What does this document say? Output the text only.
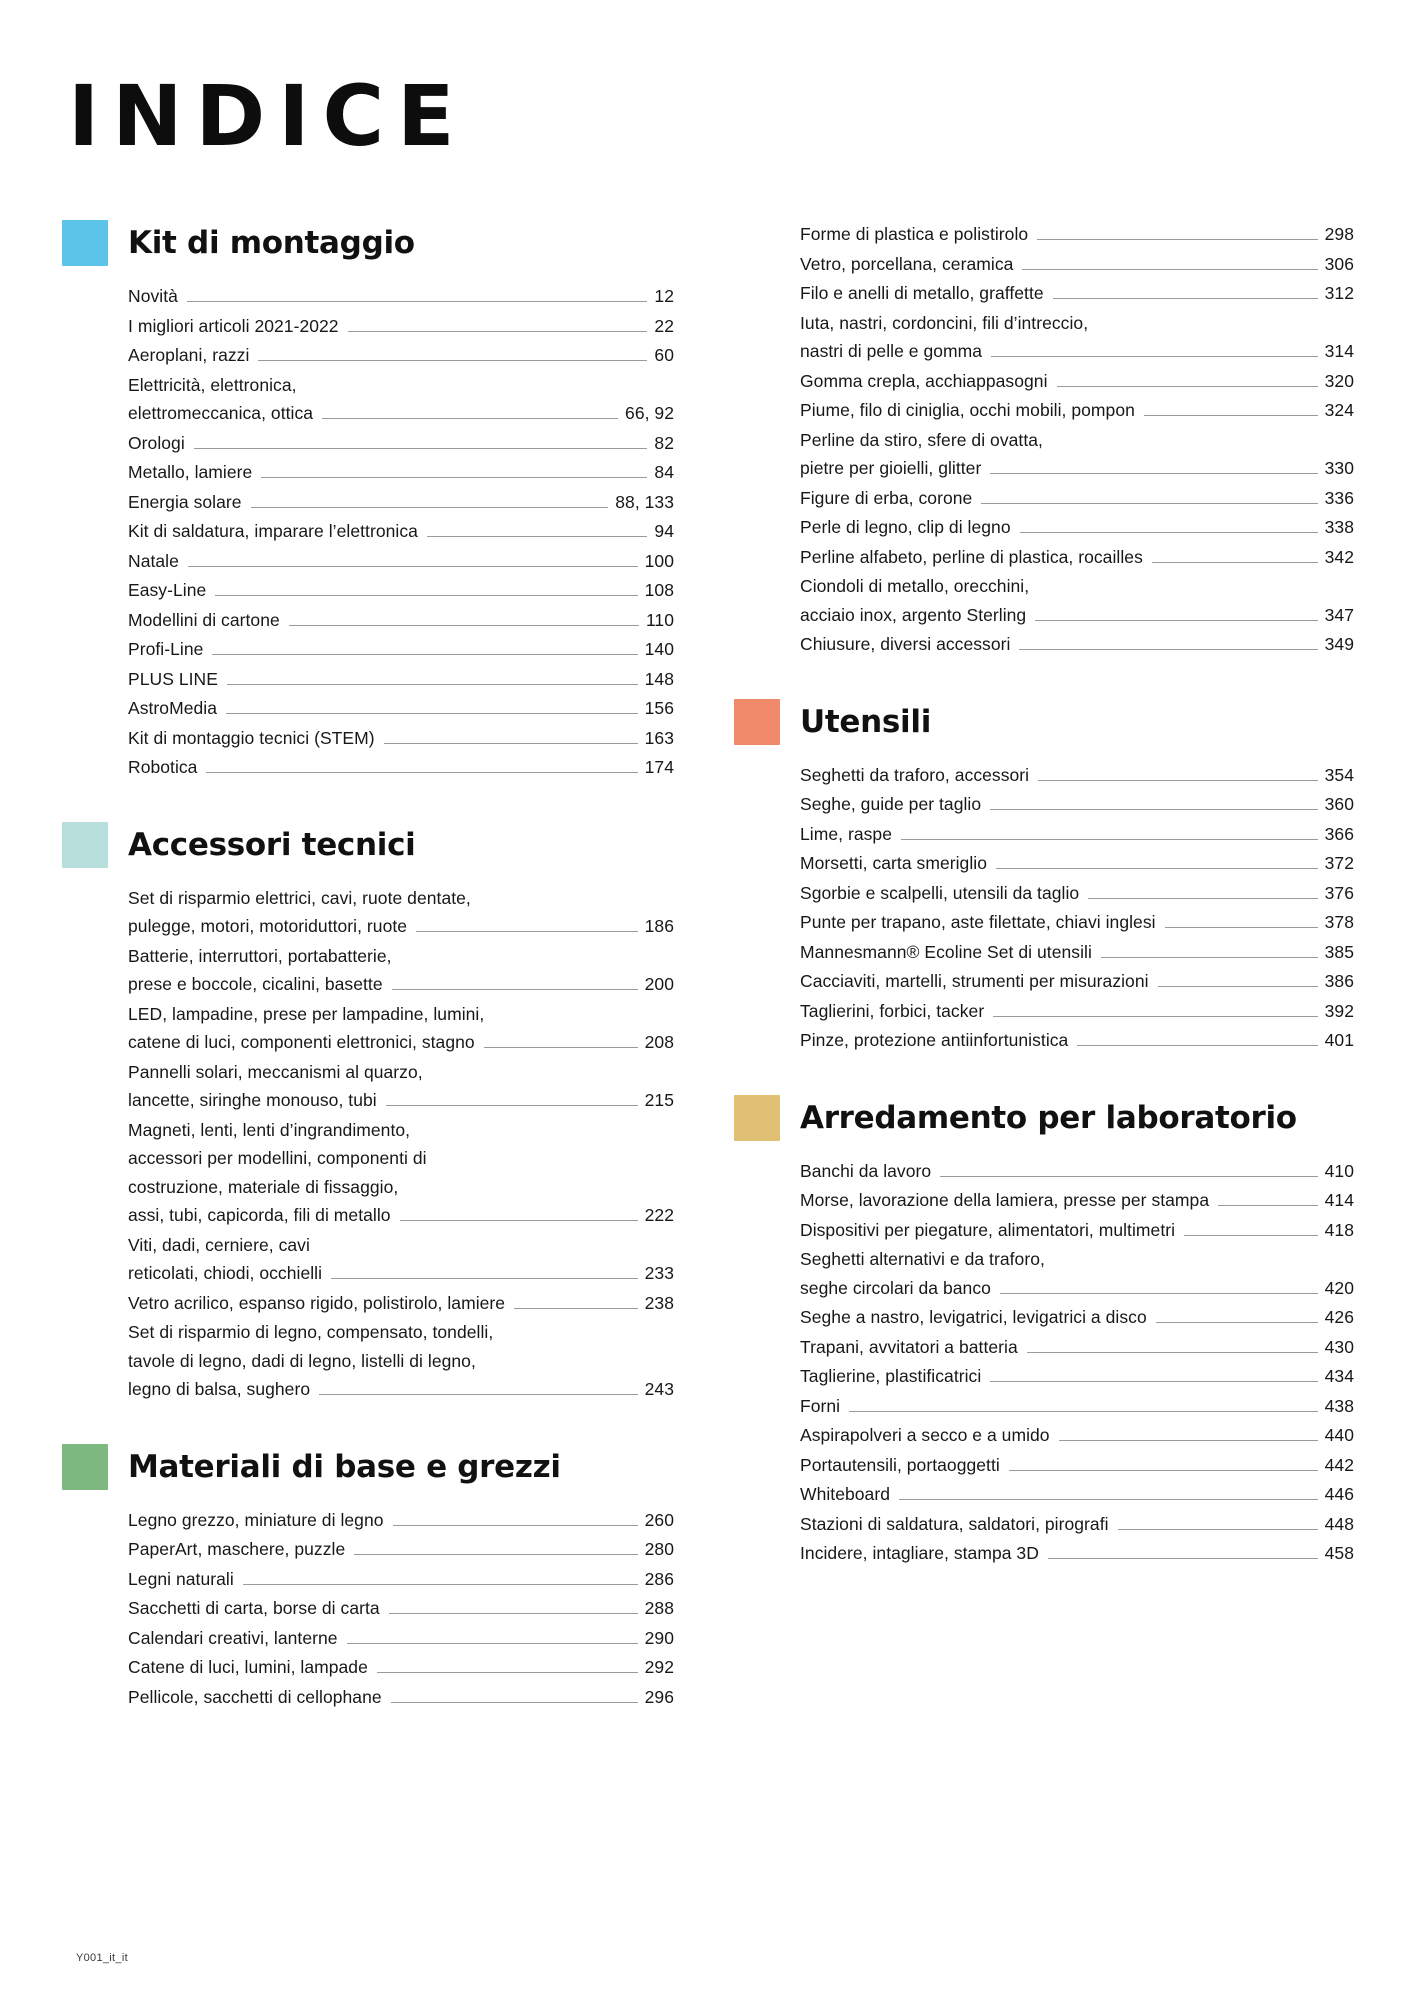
INDICE
Kit di montaggio
Novità	12
I migliori articoli 2021-2022	22
Aeroplani, razzi	60
Elettricità, elettronica,
elettromeccanica, ottica	66, 92
Orologi	82
Metallo, lamiere	84
Energia solare	88, 133
Kit di saldatura, imparare l’elettronica	94
Natale	100
Easy-Line	108
Modellini di cartone	110
Profi-Line	140
PLUS LINE	148
AstroMedia	156
Kit di montaggio tecnici (STEM)	163
Robotica	174
Accessori tecnici
Set di risparmio elettrici, cavi, ruote dentate,
pulegge, motori, motoriduttori, ruote	186
Batterie, interruttori, portabatterie,
prese e boccole, cicalini, basette	200
LED, lampadine, prese per lampadine, lumini,
catene di luci, componenti elettronici, stagno	208
Pannelli solari, meccanismi al quarzo,
lancette, siringhe monouso, tubi	215
Magneti, lenti, lenti d’ingrandimento,
accessori per modellini, componenti di
costruzione, materiale di fissaggio,
assi, tubi, capicorda, fili di metallo	222
Viti, dadi, cerniere, cavi
reticolati, chiodi, occhielli	233
Vetro acrilico, espanso rigido, polistirolo, lamiere	238
Set di risparmio di legno, compensato, tondelli,
tavole di legno, dadi di legno, listelli di legno,
legno di balsa, sughero	243
Materiali di base e grezzi
Legno grezzo, miniature di legno	260
PaperArt, maschere, puzzle	280
Legni naturali	286
Sacchetti di carta, borse di carta	288
Calendari creativi, lanterne	290
Catene di luci, lumini, lampade	292
Pellicole, sacchetti di cellophane	296
Forme di plastica e polistirolo	298
Vetro, porcellana, ceramica	306
Filo e anelli di metallo, graffette	312
Iuta, nastri, cordoncini, fili d’intreccio,
nastri di pelle e gomma	314
Gomma crepla, acchiappasogni	320
Piume, filo di ciniglia, occhi mobili, pompon	324
Perline da stiro, sfere di ovatta,
pietre per gioielli, glitter	330
Figure di erba, corone	336
Perle di legno, clip di legno	338
Perline alfabeto, perline di plastica, rocailles	342
Ciondoli di metallo, orecchini,
acciaio inox, argento Sterling	347
Chiusure, diversi accessori	349
Utensili
Seghetti da traforo, accessori	354
Seghe, guide per taglio	360
Lime, raspe	366
Morsetti, carta smeriglio	372
Sgorbie e scalpelli, utensili da taglio	376
Punte per trapano, aste filettate, chiavi inglesi	378
Mannesmann® Ecoline Set di utensili	385
Cacciaviti, martelli, strumenti per misurazioni	386
Taglierini, forbici, tacker	392
Pinze, protezione antiinfortunistica	401
Arredamento per laboratorio
Banchi da lavoro	410
Morse, lavorazione della lamiera, presse per stampa	414
Dispositivi per piegature, alimentatori, multimetri	418
Seghetti alternativi e da traforo,
seghe circolari da banco	420
Seghe a nastro, levigatrici, levigatrici a disco	426
Trapani, avvitatori a batteria	430
Taglierine, plastificatrici	434
Forni	438
Aspirapolveri a secco e a umido	440
Portautensili, portaoggetti	442
Whiteboard	446
Stazioni di saldatura, saldatori, pirografi	448
Incidere, intagliare, stampa 3D	458
Y001_it_it
